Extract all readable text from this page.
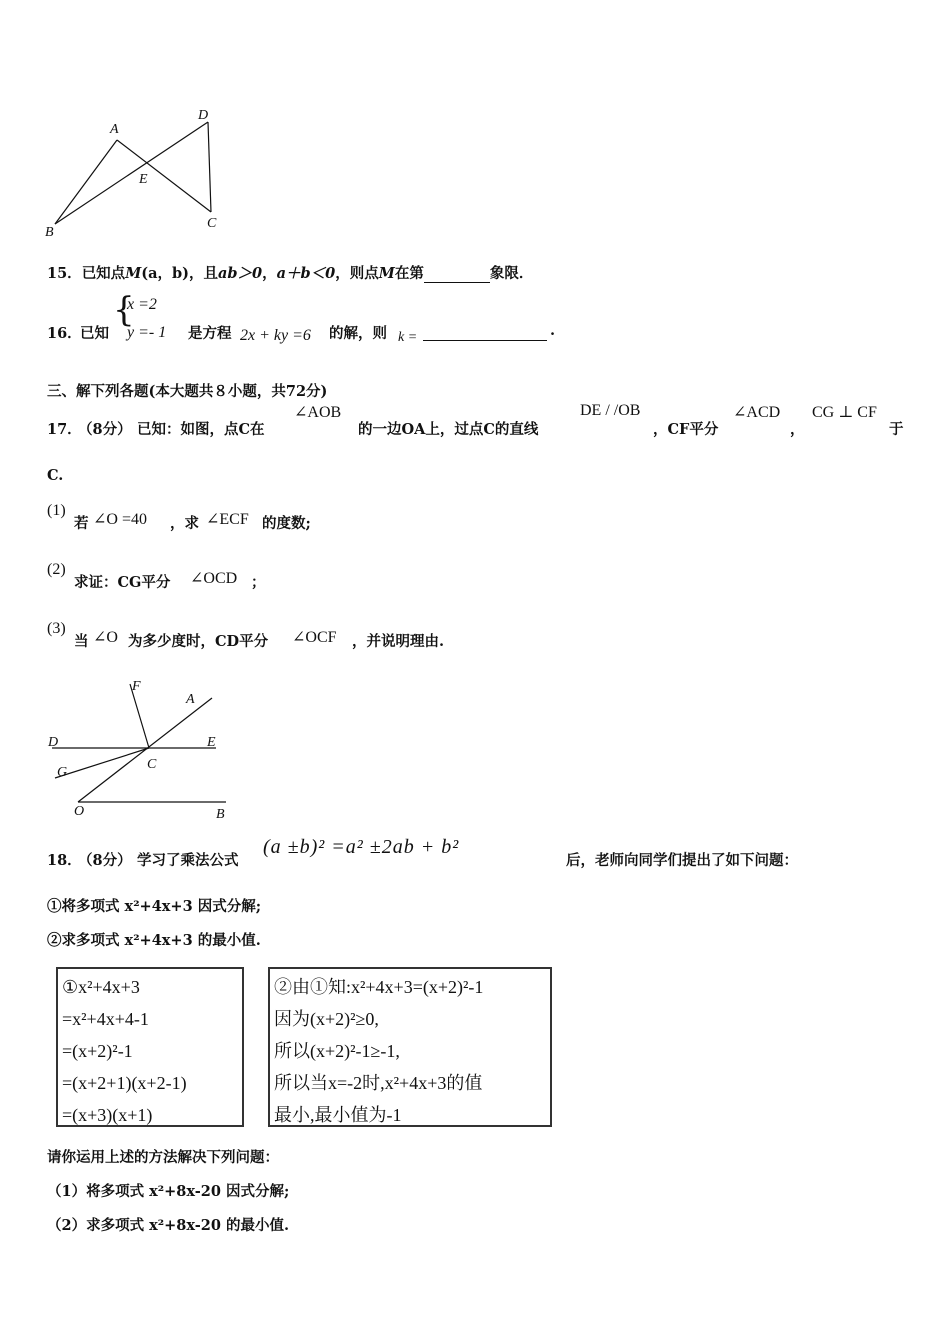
A
D
E
B
C
15．已知点M(a，b)，且ab＞0，a＋b＜0，则点M在第	象限．
16．
已知
{
x =2
y =- 1 是方程 2x + ky =6 的解，则 k =	.
三、解下列各题(本大题共８小题，共72分)
17．
（8分） 已知：如图，点C在
∠AOB
的一边OA上，过点C的直线
DE / /OB
，CF平分
∠ACD
，
CG ⊥ CF
于
C.
(1)
若 ∠O =40 ，求 ∠ECF 的度数;
(2)
求证：CG平分 ∠OCD ；
(3)
当 ∠O 为多少度时，CD平分 ∠OCF ，并说明理由.
F
A
D	E
G
C
O	B
18．
（8分） 学习了乘法公式
(a ±b)² =a² ±2ab + b²
后，老师向同学们提出了如下问题：
①将多项式 x²+4x+3 因式分解;
②求多项式 x²+4x+3 的最小值.
①x²+4x+3
=x²+4x+4-1
=(x+2)²-1
=(x+2+1)(x+2-1)
=(x+3)(x+1)
②由①知:x²+4x+3=(x+2)²-1
因为(x+2)²≥0,
所以(x+2)²-1≥-1,
所以当x=-2时,x²+4x+3的值
最小,最小值为-1
请你运用上述的方法解决下列问题：
（1）将多项式 x²+8x-20 因式分解;
（2）求多项式 x²+8x-20 的最小值.
